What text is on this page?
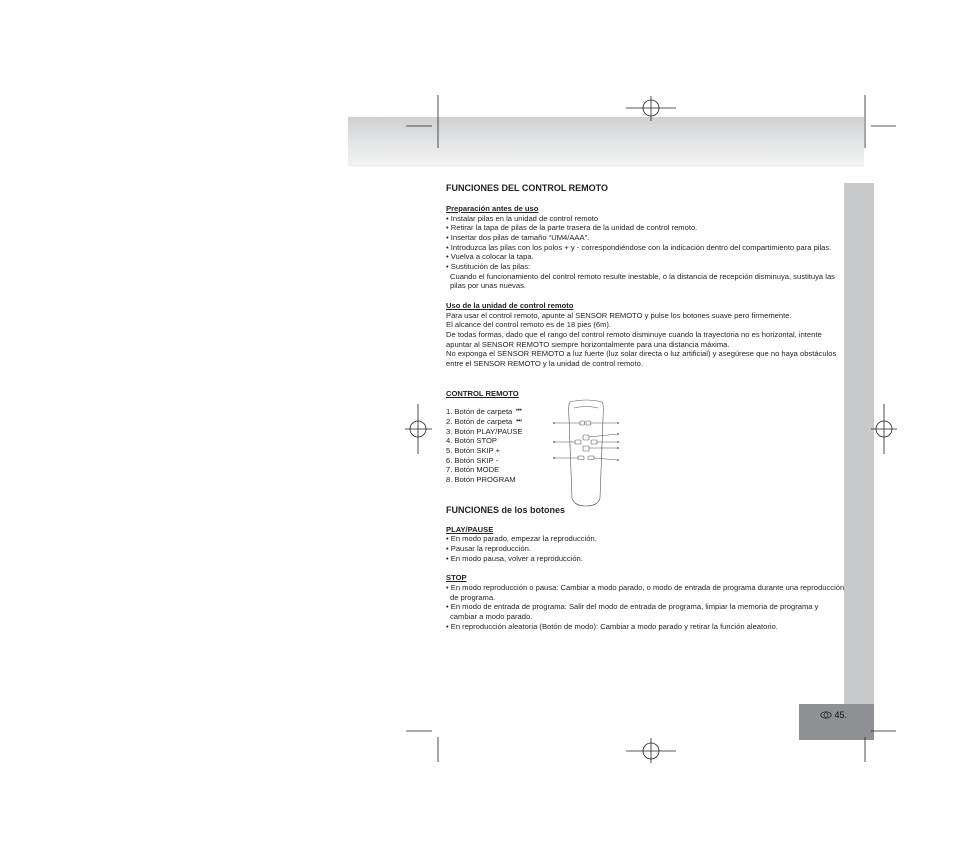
45.

FUNCIONES DEL CONTROL REMOTO

Preparación antes de uso

• Instalar pilas en la unidad de control remoto

• Retirar la tapa de pilas de la parte trasera de la unidad de control remoto.

• Insertar dos pilas de tamaño “UM4/AAA”.

• Introduzca las pilas con los polos + y - correspondiéndose con la indicación dentro del compartimiento para pilas.

• Vuelva a colocar la tapa.

• Sustitución de las pilas:

Cuando el funcionamiento del control remoto resulte inestable, o la distancia de recepción disminuya, sustituya las pilas por unas nuevas.

Uso de la unidad de control remoto

Para usar el control remoto, apunte al SENSOR REMOTO y pulse los botones suave pero firmemente.

El alcance del control remoto es de 18 pies (6m).

De todas formas, dado que el rango del control remoto disminuye cuando la trayectoria no es horizontal, intente apuntar al SENSOR REMOTO siempre horizontalmente para una distancia máxima.

No exponga el SENSOR REMOTO a luz fuerte (luz solar directa o luz artificial) y asegúrese que no haya obstáculos entre el SENSOR REMOTO y la unidad de control remoto.

CONTROL REMOTO

1. Botón de carpeta ⏮
2. Botón de carpeta ⏭
3. Botón PLAY/PAUSE
4. Botón STOP
5. Botón SKIP +
6. Botón SKIP -
7. Botón MODE
8. Botón PROGRAM

FUNCIONES de los botones

PLAY/PAUSE

• En modo parado, empezar la reproducción.

• Pausar la reproducción.

• En modo pausa, volver a reproducción.

STOP

• En modo reproducción o pausa: Cambiar a modo parado, o modo de entrada de programa durante una reproducción de programa.

• En modo de entrada de programa: Salir del modo de entrada de programa, limpiar la memoria de programa y cambiar a modo parado.

• En reproducción aleatoria (Botón de modo): Cambiar a modo parado y retirar la función aleatorio.
